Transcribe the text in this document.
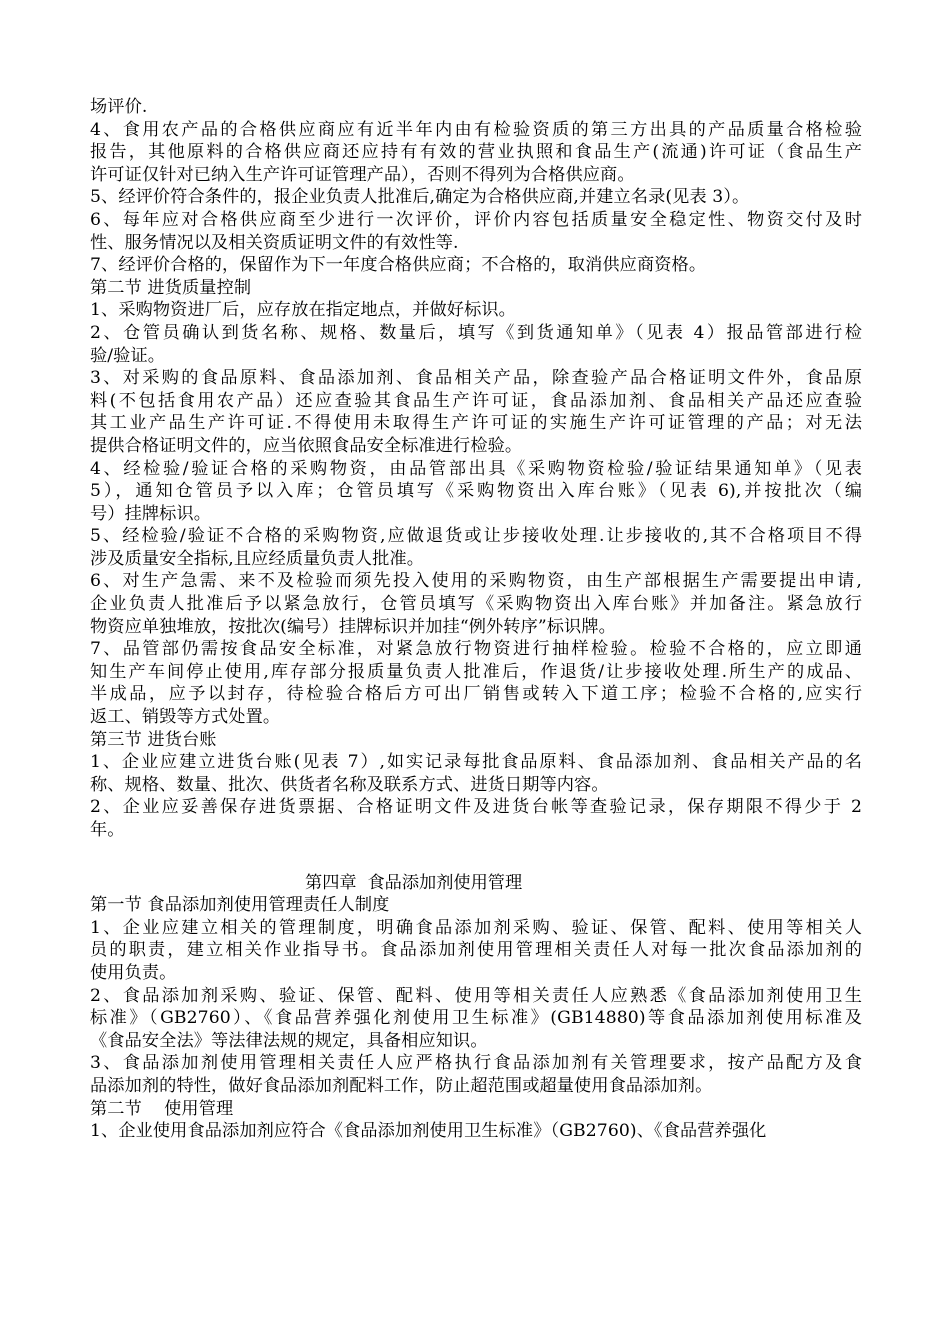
场评价.
4、食用农产品的合格供应商应有近半年内由有检验资质的第三方出具的产品质量合格检验
报告，其他原料的合格供应商还应持有有效的营业执照和食品生产(流通)许可证（食品生产
许可证仅针对已纳入生产许可证管理产品），否则不得列为合格供应商。
5、经评价符合条件的，报企业负责人批准后,确定为合格供应商,并建立名录(见表 3）。
6、每年应对合格供应商至少进行一次评价，评价内容包括质量安全稳定性、物资交付及时
性、服务情况以及相关资质证明文件的有效性等.
7、经评价合格的，保留作为下一年度合格供应商；不合格的，取消供应商资格。
第二节 进货质量控制
1、采购物资进厂后，应存放在指定地点，并做好标识。
2、仓管员确认到货名称、规格、数量后，填写《到货通知单》（见表 4）报品管部进行检
验/验证。
3、对采购的食品原料、食品添加剂、食品相关产品，除查验产品合格证明文件外，食品原
料(不包括食用农产品）还应查验其食品生产许可证，食品添加剂、食品相关产品还应查验
其工业产品生产许可证.不得使用未取得生产许可证的实施生产许可证管理的产品；对无法
提供合格证明文件的，应当依照食品安全标准进行检验。
4、经检验/验证合格的采购物资，由品管部出具《采购物资检验/验证结果通知单》（见表
5），通知仓管员予以入库；仓管员填写《采购物资出入库台账》（见表 6),并按批次（编
号）挂牌标识。
5、经检验/验证不合格的采购物资,应做退货或让步接收处理.让步接收的,其不合格项目不得
涉及质量安全指标,且应经质量负责人批准。
6、对生产急需、来不及检验而须先投入使用的采购物资，由生产部根据生产需要提出申请,
企业负责人批准后予以紧急放行，仓管员填写《采购物资出入库台账》并加备注。紧急放行
物资应单独堆放，按批次(编号）挂牌标识并加挂“例外转序”标识牌。
7、品管部仍需按食品安全标准，对紧急放行物资进行抽样检验。检验不合格的，应立即通
知生产车间停止使用,库存部分报质量负责人批准后，作退货/让步接收处理.所生产的成品、
半成品，应予以封存，待检验合格后方可出厂销售或转入下道工序；检验不合格的,应实行
返工、销毁等方式处置。
第三节 进货台账
1、企业应建立进货台账(见表 7）,如实记录每批食品原料、食品添加剂、食品相关产品的名
称、规格、数量、批次、供货者名称及联系方式、进货日期等内容。
2、企业应妥善保存进货票据、合格证明文件及进货台帐等查验记录，保存期限不得少于 2
年。
第四章  食品添加剂使用管理
第一节 食品添加剂使用管理责任人制度
1、企业应建立相关的管理制度，明确食品添加剂采购、验证、保管、配料、使用等相关人
员的职责，建立相关作业指导书。食品添加剂使用管理相关责任人对每一批次食品添加剂的
使用负责。
2、食品添加剂采购、验证、保管、配料、使用等相关责任人应熟悉《食品添加剂使用卫生
标准》（GB2760）、《食品营养强化剂使用卫生标准》(GB14880)等食品添加剂使用标准及
《食品安全法》等法律法规的规定，具备相应知识。
3、食品添加剂使用管理相关责任人应严格执行食品添加剂有关管理要求，按产品配方及食
品添加剂的特性，做好食品添加剂配料工作，防止超范围或超量使用食品添加剂。
第二节    使用管理
1、企业使用食品添加剂应符合《食品添加剂使用卫生标准》（GB2760)、《食品营养强化
